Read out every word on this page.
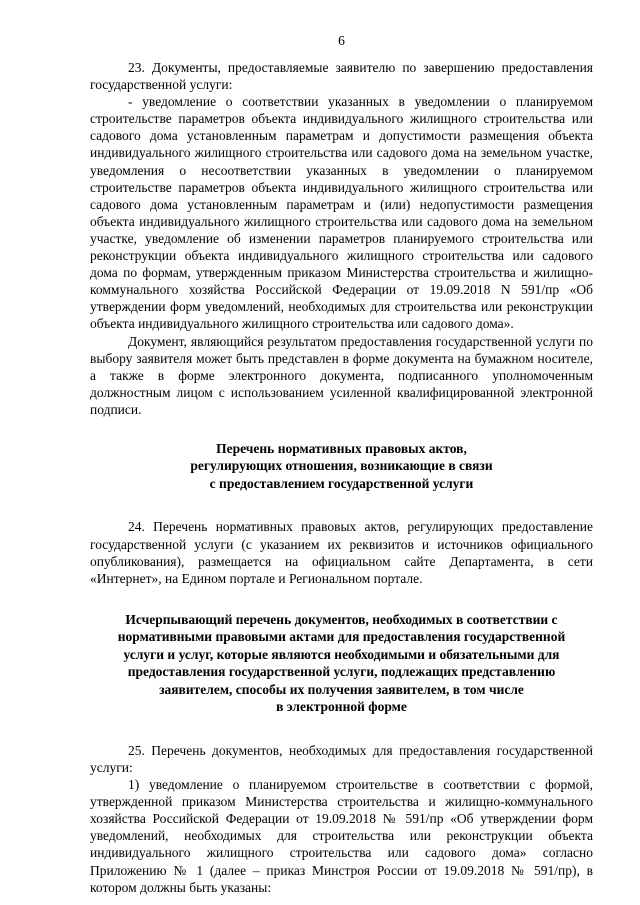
6

23. Документы, предоставляемые заявителю по завершению предоставления государственной услуги:

- уведомление о соответствии указанных в уведомлении о планируемом строительстве параметров объекта индивидуального жилищного строительства или садового дома установленным параметрам и допустимости размещения объекта индивидуального жилищного строительства или садового дома на земельном участке, уведомления о несоответствии указанных в уведомлении о планируемом строительстве параметров объекта индивидуального жилищного строительства или садового дома установленным параметрам и (или) недопустимости размещения объекта индивидуального жилищного строительства или садового дома на земельном участке, уведомление об изменении параметров планируемого строительства или реконструкции объекта индивидуального жилищного строительства или садового дома по формам, утвержденным приказом Министерства строительства и жилищно-коммунального хозяйства Российской Федерации от 19.09.2018 N 591/пр «Об утверждении форм уведомлений, необходимых для строительства или реконструкции объекта индивидуального жилищного строительства или садового дома».

Документ, являющийся результатом предоставления государственной услуги по выбору заявителя может быть представлен в форме документа на бумажном носителе, а также в форме электронного документа, подписанного уполномоченным должностным лицом с использованием усиленной квалифицированной электронной подписи.

Перечень нормативных правовых актов,
регулирующих отношения, возникающие в связи
с предоставлением государственной услуги

24. Перечень нормативных правовых актов, регулирующих предоставление государственной услуги (с указанием их реквизитов и источников официального опубликования), размещается на официальном сайте Департамента, в сети «Интернет», на Едином портале и Региональном портале.

Исчерпывающий перечень документов, необходимых в соответствии с
нормативными правовыми актами для предоставления государственной
услуги и услуг, которые являются необходимыми и обязательными для
предоставления государственной услуги, подлежащих представлению
заявителем, способы их получения заявителем, в том числе
в электронной форме

25. Перечень документов, необходимых для предоставления государственной услуги:

1) уведомление о планируемом строительстве в соответствии с формой, утвержденной приказом Министерства строительства и жилищно-коммунального хозяйства Российской Федерации от 19.09.2018 № 591/пр «Об утверждении форм уведомлений, необходимых для строительства или реконструкции объекта индивидуального жилищного строительства или садового дома» согласно Приложению № 1 (далее – приказ Минстроя России от 19.09.2018 № 591/пр), в котором должны быть указаны:
